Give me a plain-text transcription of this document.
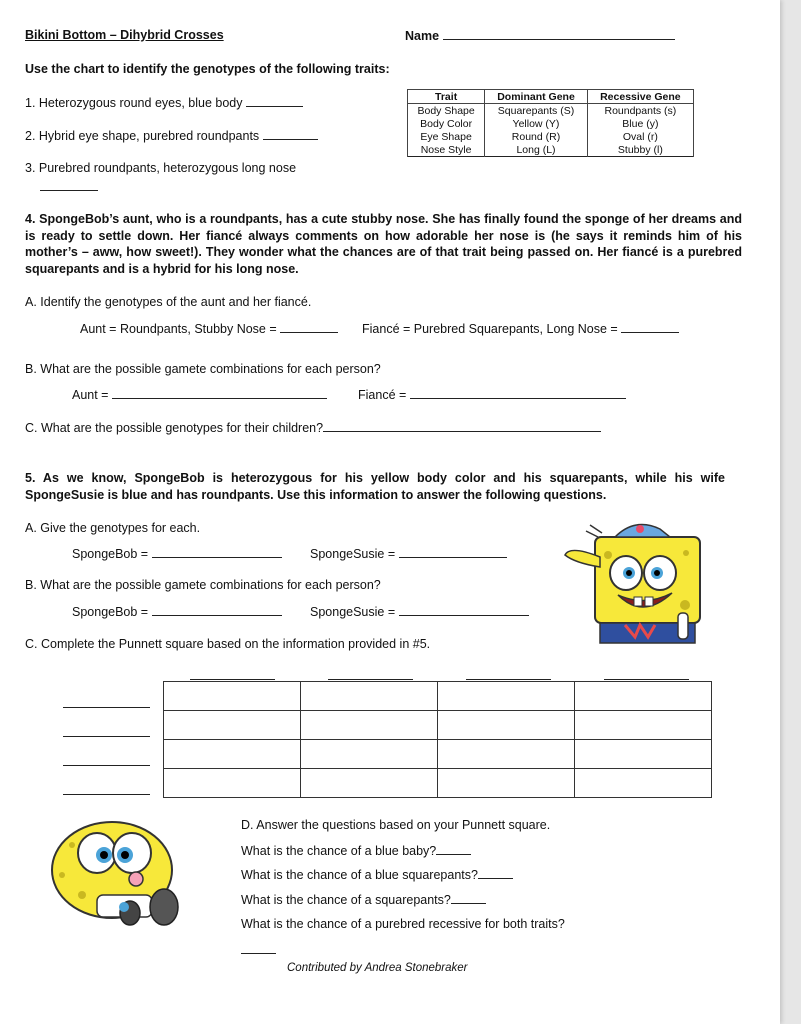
Bikini Bottom – Dihybrid Crosses	Name
Use the chart to identify the genotypes of the following traits:
1. Heterozygous round eyes, blue body
2. Hybrid eye shape, purebred roundpants
3. Purebred roundpants, heterozygous long nose
Trait	Dominant Gene	Recessive Gene
Body Shape	Squarepants (S)	Roundpants (s)
Body Color	Yellow (Y)	Blue (y)
Eye Shape	Round (R)	Oval (r)
Nose Style	Long (L)	Stubby (l)
4. SpongeBob’s aunt, who is a roundpants, has a cute stubby nose. She has finally found the sponge of her dreams and is ready to settle down. Her fiancé always comments on how adorable her nose is (he says it reminds him of his mother’s – aww, how sweet!). They wonder what the chances are of that trait being passed on. Her fiancé is a purebred squarepants and is a hybrid for his long nose.
A. Identify the genotypes of the aunt and her fiancé.
Aunt = Roundpants, Stubby Nose =	Fiancé = Purebred Squarepants, Long Nose =
B. What are the possible gamete combinations for each person?
Aunt =	Fiancé =
C. What are the possible genotypes for their children?
5. As we know, SpongeBob is heterozygous for his yellow body color and his squarepants, while his wife SpongeSusie is blue and has roundpants. Use this information to answer the following questions.
A. Give the genotypes for each.
SpongeBob =	SpongeSusie =
B. What are the possible gamete combinations for each person?
SpongeBob =	SpongeSusie =
C. Complete the Punnett square based on the information provided in #5.

D. Answer the questions based on your Punnett square.
What is the chance of a blue baby?
What is the chance of a blue squarepants?
What is the chance of a squarepants?
What is the chance of a purebred recessive for both traits?
Contributed by Andrea Stonebraker
